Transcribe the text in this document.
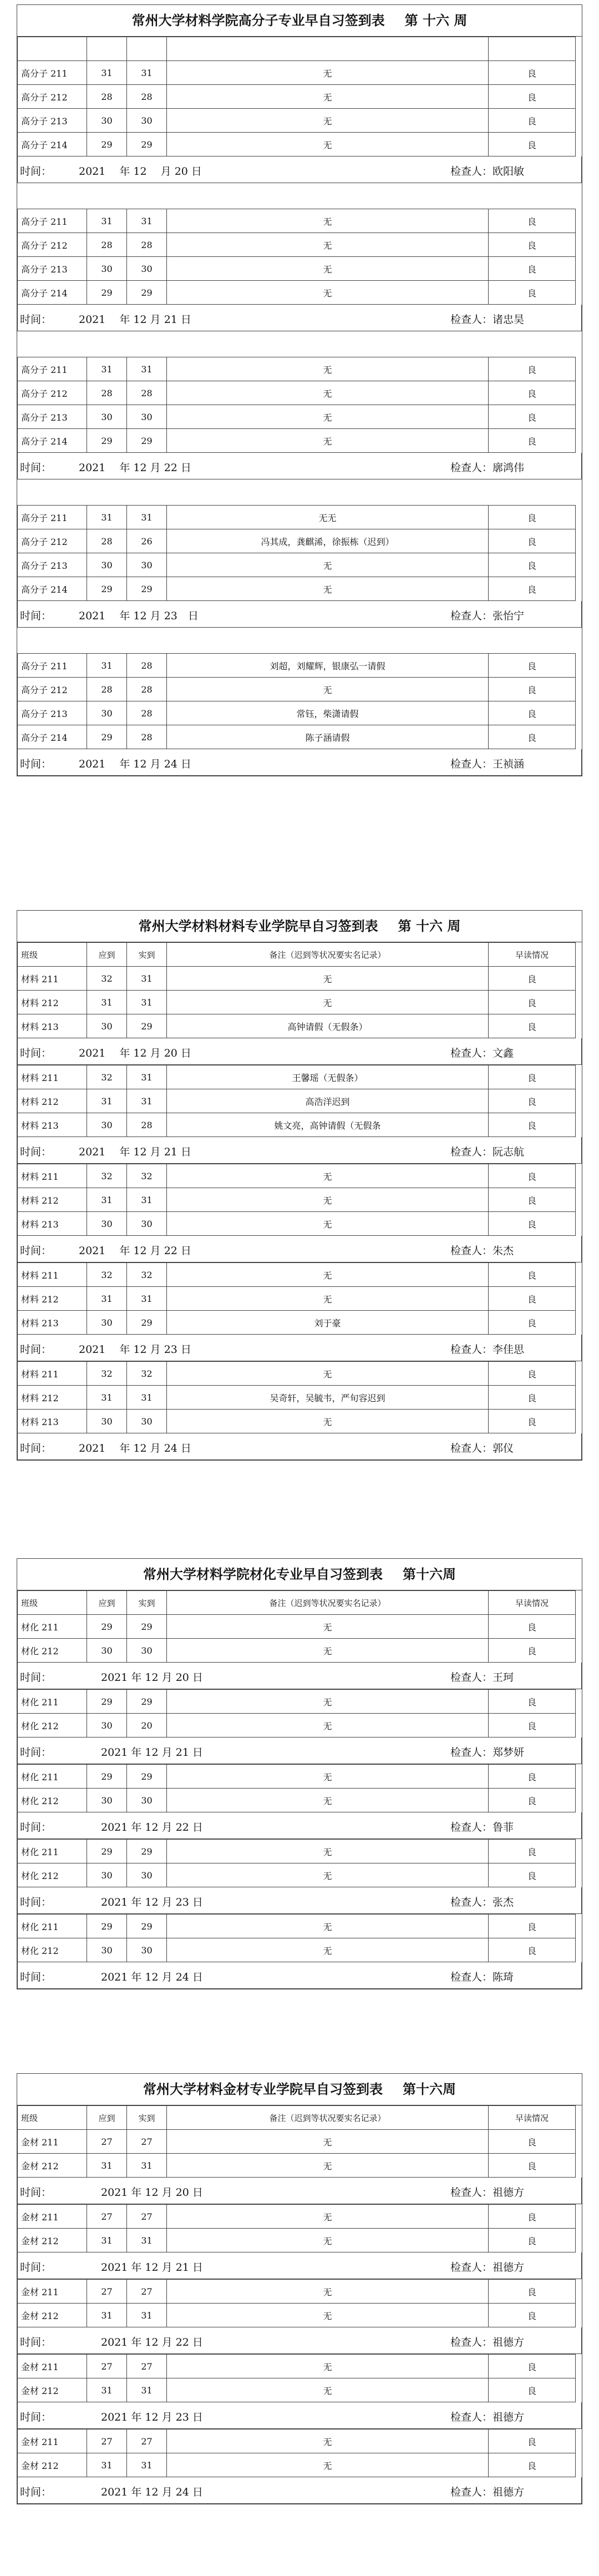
常州大学材料学院高分子专业早自习签到表 第 十六 周

高分子 211	31	31	无	良
高分子 212	28	28	无	良
高分子 213	30	30	无	良
高分子 214	29	29	无	良
时间：	2021　 年 12　 月 20 日	检查人：欧阳敏
高分子 211	31	31	无	良
高分子 212	28	28	无	良
高分子 213	30	30	无	良
高分子 214	29	29	无	良
时间：	2021　 年 12 月 21 日	检查人：诸忠昊
高分子 211	31	31	无	良
高分子 212	28	28	无	良
高分子 213	30	30	无	良
高分子 214	29	29	无	良
时间：	2021　 年 12 月 22 日	检查人：廓鸿伟
高分子 211	31	31	无无	良
高分子 212	28	26	冯其成，龚麒浠，徐振栋（迟到）	良
高分子 213	30	30	无	良
高分子 214	29	29	无	良
时间：	2021　 年 12 月 23　日	检查人：张怡宁
高分子 211	31	28	刘超，刘耀辉，银康弘一请假	良
高分子 212	28	28	无	良
高分子 213	30	28	常钰，柴潇请假	良
高分子 214	29	28	陈子涵请假	良
时间：	2021　 年 12 月 24 日	检查人：王祯涵
常州大学材料材料专业学院早自习签到表 第 十六 周
班级	应到	实到	备注（迟到等状况要实名记录）	早读情况
材料 211	32	31	无	良
材料 212	31	31	无	良
材料 213	30	29	高钟请假（无假条）	良
时间：	2021　 年 12 月 20 日	检查人：文鑫
材料 211	32	31	王馨瑶（无假条）	良
材料 212	31	31	高浩洋迟到	良
材料 213	30	28	姚文亮，高钟请假（无假条	良
时间：	2021　 年 12 月 21 日	检查人：阮志航
材料 211	32	32	无	良
材料 212	31	31	无	良
材料 213	30	30	无	良
时间：	2021　 年 12 月 22 日	检查人：朱杰
材料 211	32	32	无	良
材料 212	31	31	无	良
材料 213	30	29	刘于豪	良
时间：	2021　 年 12 月 23 日	检查人：李佳思
材料 211	32	32	无	良
材料 212	31	31	吴奇轩，吴毓韦，严旬容迟到	良
材料 213	30	30	无	良
时间：	2021　 年 12 月 24 日	检查人：郭仪
常州大学材料学院材化专业早自习签到表 第十六周
班级	应到	实到	备注（迟到等状况要实名记录）	早读情况
材化 211	29	29	无	良
材化 212	30	30	无	良
时间：	2021 年 12 月 20 日	检查人：王珂
材化 211	29	29	无	良
材化 212	30	20	无	良
时间：	2021 年 12 月 21 日	检查人：郑梦妍
材化 211	29	29	无	良
材化 212	30	30	无	良
时间：	2021 年 12 月 22 日	检查人：鲁菲
材化 211	29	29	无	良
材化 212	30	30	无	良
时间：	2021 年 12 月 23 日	检查人：张杰
材化 211	29	29	无	良
材化 212	30	30	无	良
时间：	2021 年 12 月 24 日	检查人：陈琦
常州大学材料金材专业学院早自习签到表 第十六周
班级	应到	实到	备注（迟到等状况要实名记录）	早读情况
金材 211	27	27	无	良
金材 212	31	31	无	良
时间：	2021 年 12 月 20 日	检查人：祖德方
金材 211	27	27	无	良
金材 212	31	31	无	良
时间：	2021 年 12 月 21 日	检查人：祖德方
金材 211	27	27	无	良
金材 212	31	31	无	良
时间：	2021 年 12 月 22 日	检查人：祖德方
金材 211	27	27	无	良
金材 212	31	31	无	良
时间：	2021 年 12 月 23 日	检查人：祖德方
金材 211	27	27	无	良
金材 212	31	31	无	良
时间：	2021 年 12 月 24 日	检查人：祖德方
